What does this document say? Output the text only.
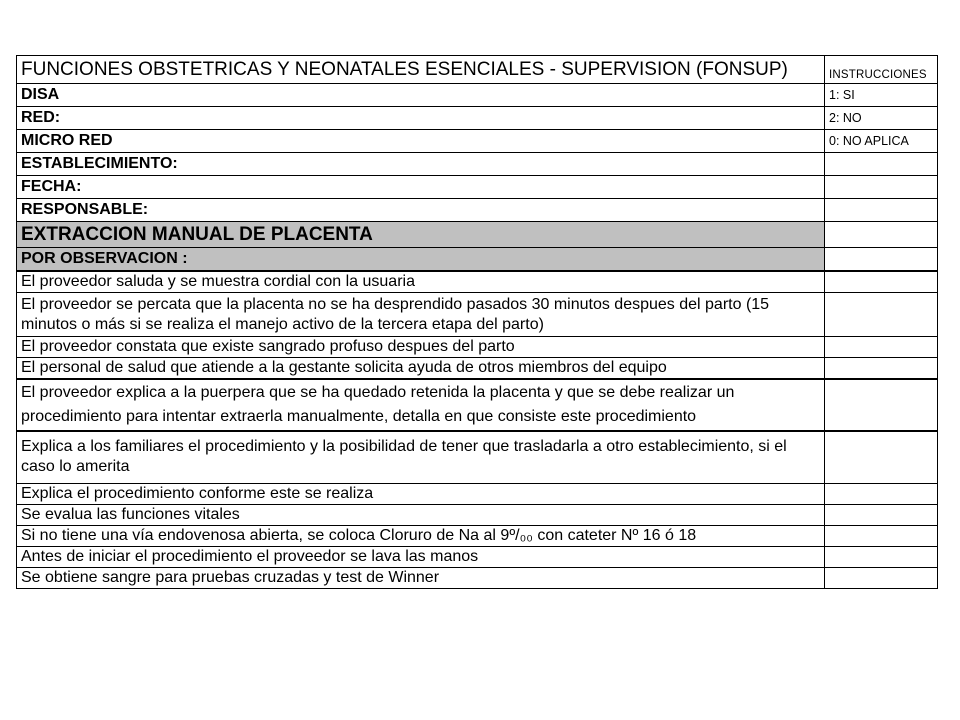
FUNCIONES OBSTETRICAS Y NEONATALES ESENCIALES - SUPERVISION (FONSUP)	INSTRUCCIONES
DISA	1: SI
RED:	2: NO
MICRO RED	0: NO APLICA
ESTABLECIMIENTO:	
FECHA:	
RESPONSABLE:	
EXTRACCION MANUAL DE PLACENTA	
POR OBSERVACION :	
El proveedor saluda y se muestra cordial con la usuaria	
El proveedor se percata que la placenta no se ha desprendido pasados 30 minutos despues del parto (15 minutos o más si se realiza el manejo activo de la tercera etapa del parto)	
El proveedor constata que existe sangrado profuso despues del parto	
El personal de salud que atiende a la gestante solicita ayuda de otros miembros del equipo	
El proveedor explica a la puerpera que se ha quedado retenida la placenta y que se debe realizar un procedimiento para intentar extraerla manualmente, detalla en que consiste este procedimiento	
Explica a los familiares el procedimiento y la posibilidad de tener que trasladarla a otro establecimiento, si el caso lo amerita	
Explica el procedimiento conforme este se realiza	
Se evalua las funciones vitales	
Si no tiene una vía endovenosa abierta, se coloca Cloruro de Na al 9º/₀₀ con cateter Nº 16 ó 18	
Antes de iniciar el procedimiento el proveedor se lava las manos	
Se obtiene sangre para pruebas cruzadas y test de Winner	
